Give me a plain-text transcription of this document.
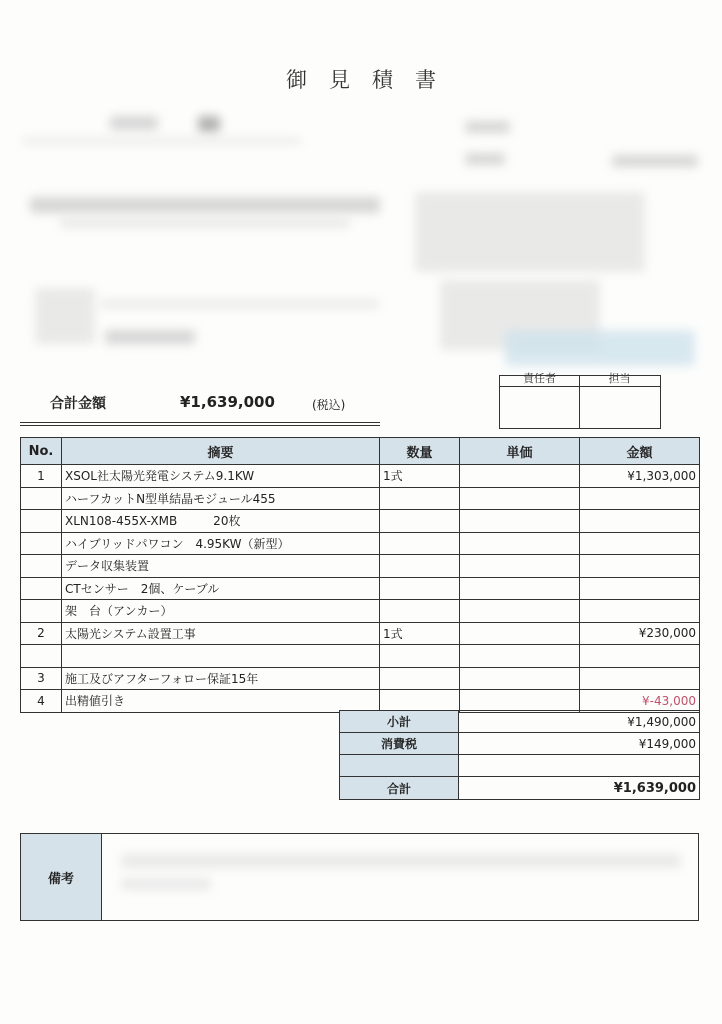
御見積書
合計金額	¥1,639,000	(税込)
責任者	担当
No.	摘要	数量	単価	金額
1	XSOL社太陽光発電システム9.1KW	1式		¥1,303,000
	ハーフカットN型単結晶モジュール455			
	XLN108-455X-XMB　　　20枚			
	ハイブリッドパワコン　4.95KW（新型）			
	データ収集装置			
	CTセンサー　2個、ケーブル			
	架　台（アンカー）			
2	太陽光システム設置工事	1式		¥230,000

3	施工及びアフターフォロー保証15年			
4	出精値引き			¥-43,000
小計	¥1,490,000
消費税	¥149,000

合計	¥1,639,000
備考
